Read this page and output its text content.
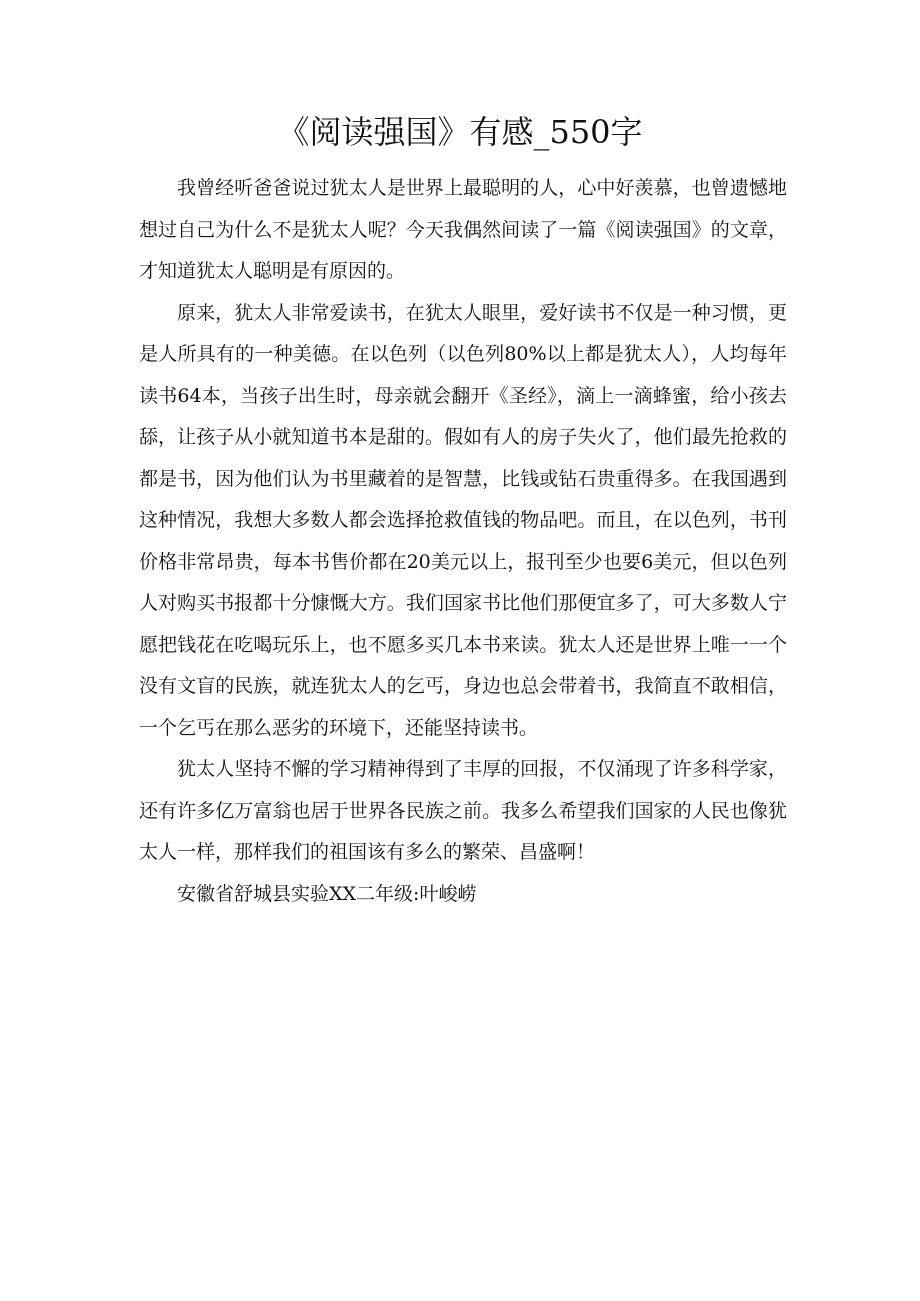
《阅读强国》有感_550字

我曾经听爸爸说过犹太人是世界上最聪明的人，心中好羡慕，也曾遗憾地想过自己为什么不是犹太人呢？今天我偶然间读了一篇《阅读强国》的文章，才知道犹太人聪明是有原因的。

原来，犹太人非常爱读书，在犹太人眼里，爱好读书不仅是一种习惯，更是人所具有的一种美德。在以色列（以色列80%以上都是犹太人），人均每年读书64本，当孩子出生时，母亲就会翻开《圣经》，滴上一滴蜂蜜，给小孩去舔，让孩子从小就知道书本是甜的。假如有人的房子失火了，他们最先抢救的都是书，因为他们认为书里藏着的是智慧，比钱或钻石贵重得多。在我国遇到这种情况，我想大多数人都会选择抢救值钱的物品吧。而且，在以色列，书刊价格非常昂贵，每本书售价都在20美元以上，报刊至少也要6美元，但以色列人对购买书报都十分慷慨大方。我们国家书比他们那便宜多了，可大多数人宁愿把钱花在吃喝玩乐上，也不愿多买几本书来读。犹太人还是世界上唯一一个没有文盲的民族，就连犹太人的乞丐，身边也总会带着书，我简直不敢相信，一个乞丐在那么恶劣的环境下，还能坚持读书。

犹太人坚持不懈的学习精神得到了丰厚的回报，不仅涌现了许多科学家，还有许多亿万富翁也居于世界各民族之前。我多么希望我们国家的人民也像犹太人一样，那样我们的祖国该有多么的繁荣、昌盛啊！

安徽省舒城县实验XX二年级:叶峻崂
